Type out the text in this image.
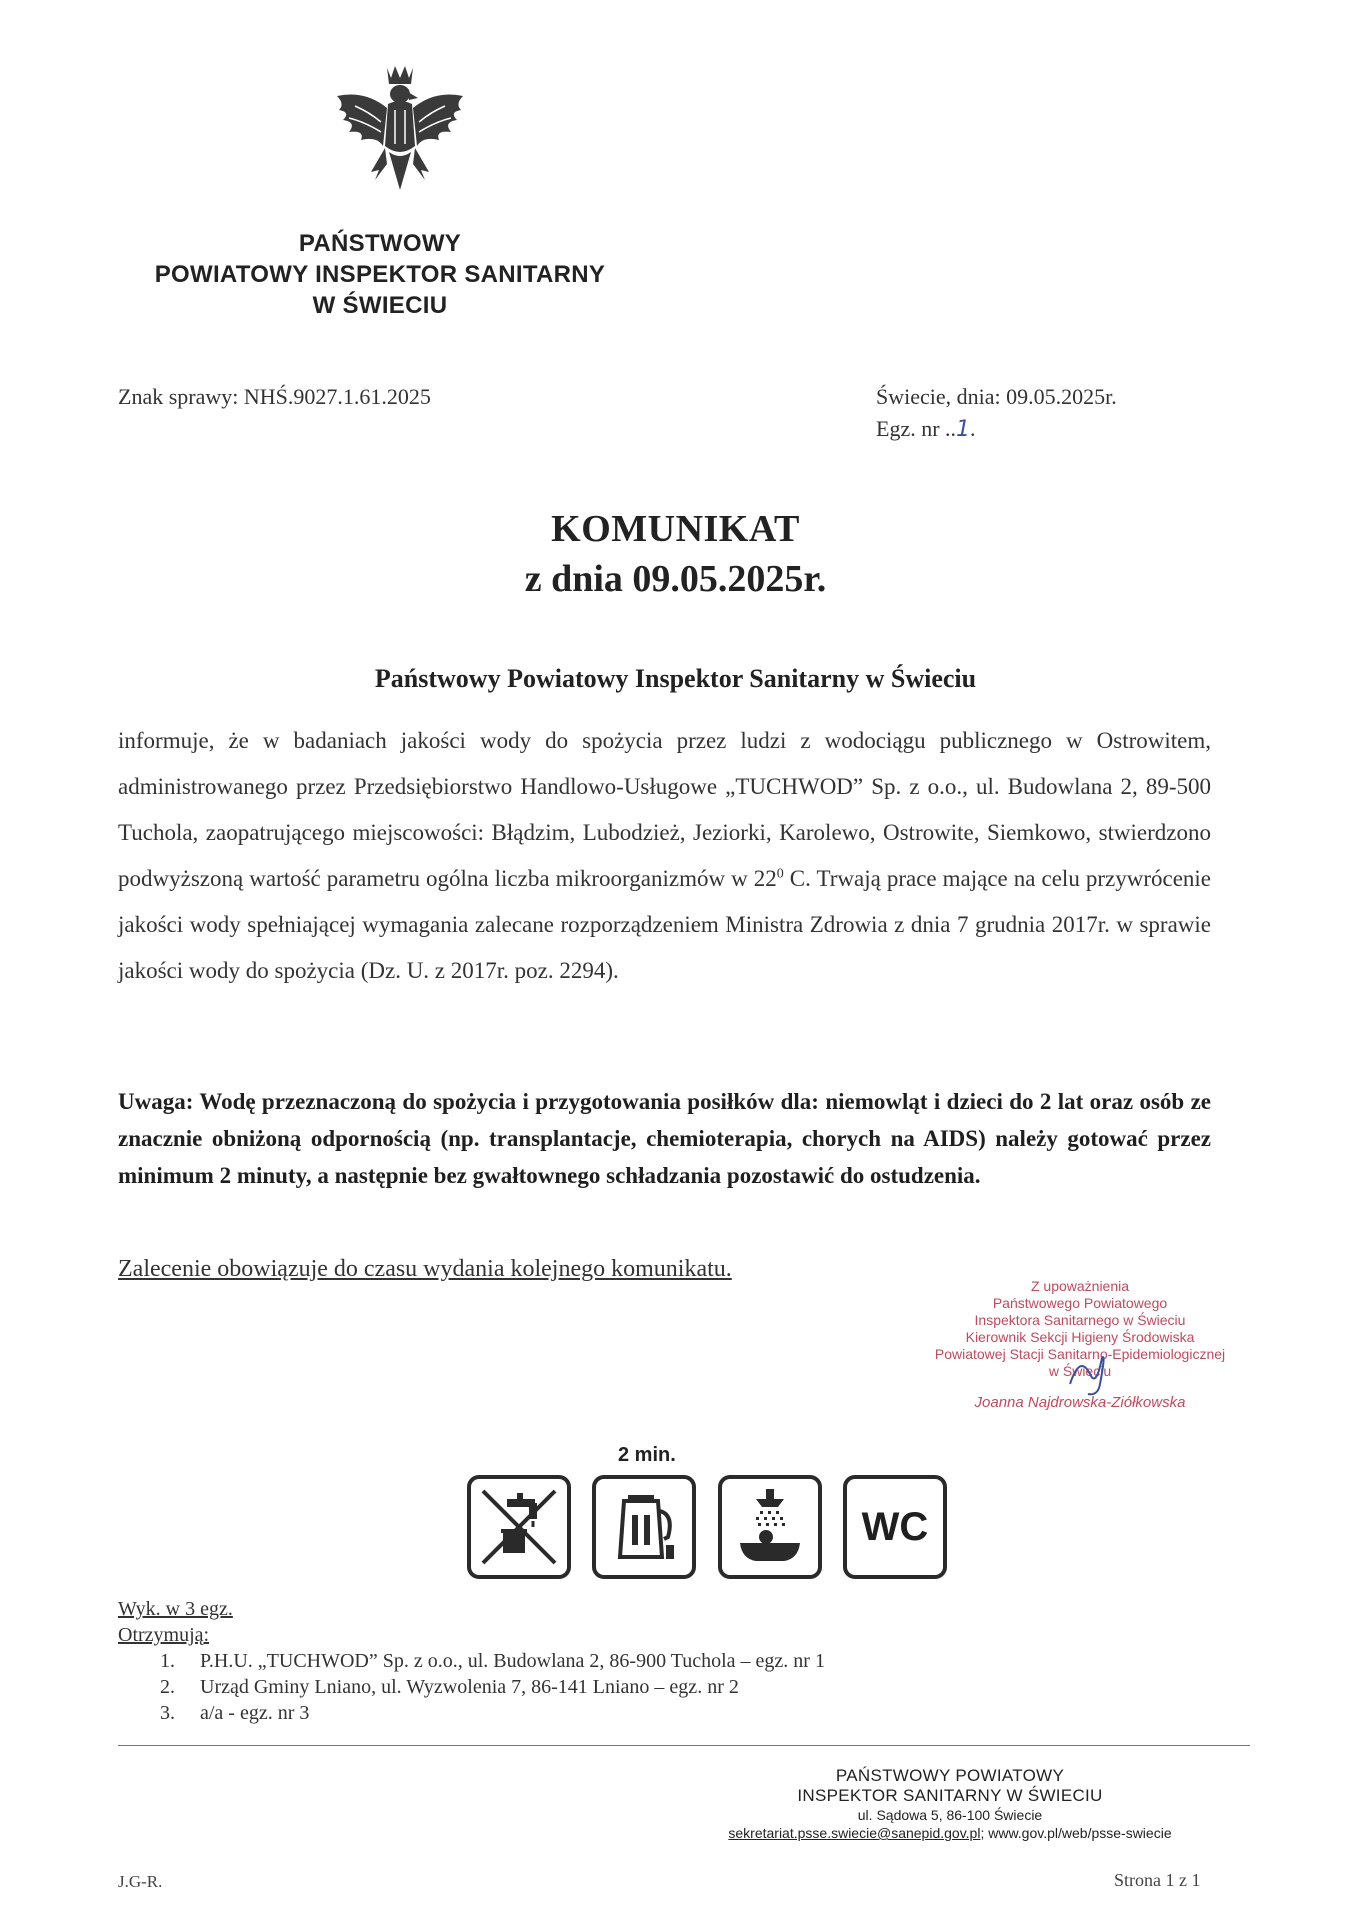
PAŃSTWOWY
POWIATOWY INSPEKTOR SANITARNY
W ŚWIECIU
Znak sprawy: NHŚ.9027.1.61.2025	Świecie, dnia: 09.05.2025r.
Egz. nr ..1.
KOMUNIKAT
z dnia 09.05.2025r.
Państwowy Powiatowy Inspektor Sanitarny w Świeciu
informuje, że w badaniach jakości wody do spożycia przez ludzi z wodociągu publicznego w Ostrowitem, administrowanego przez Przedsiębiorstwo Handlowo-Usługowe „TUCHWOD” Sp. z o.o., ul. Budowlana 2, 89-500 Tuchola, zaopatrującego miejscowości: Błądzim, Lubodzież, Jeziorki, Karolewo, Ostrowite, Siemkowo, stwierdzono podwyższoną wartość parametru ogólna liczba mikroorganizmów w $22^0$ C. Trwają prace mające na celu przywrócenie jakości wody spełniającej wymagania zalecane rozporządzeniem Ministra Zdrowia z dnia 7 grudnia 2017r. w sprawie jakości wody do spożycia (Dz. U. z 2017r. poz. 2294).
Uwaga: Wodę przeznaczoną do spożycia i przygotowania posiłków dla: niemowląt i dzieci do 2 lat oraz osób ze znacznie obniżoną odpornością (np. transplantacje, chemioterapia, chorych na AIDS) należy gotować przez minimum 2 minuty, a następnie bez gwałtownego schładzania pozostawić do ostudzenia.
Zalecenie obowiązuje do czasu wydania kolejnego komunikatu.
Z upoważnienia
Państwowego Powiatowego
Inspektora Sanitarnego w Świeciu
Kierownik Sekcji Higieny Środowiska
Powiatowej Stacji Sanitarno-Epidemiologicznej
w Świeciu
Joanna Najdrowska-Ziółkowska
2 min.
WC
Wyk. w 3 egz.
Otrzymują:
1. P.H.U. „TUCHWOD” Sp. z o.o., ul. Budowlana 2, 86-900 Tuchola – egz. nr 1
2. Urząd Gminy Lniano, ul. Wyzwolenia 7, 86-141 Lniano – egz. nr 2
3. a/a - egz. nr 3
PAŃSTWOWY POWIATOWY
INSPEKTOR SANITARNY W ŚWIECIU
ul. Sądowa 5, 86-100 Świecie
sekretariat.psse.swiecie@sanepid.gov.pl; www.gov.pl/web/psse-swiecie
J.G-R.	Strona 1 z 1
